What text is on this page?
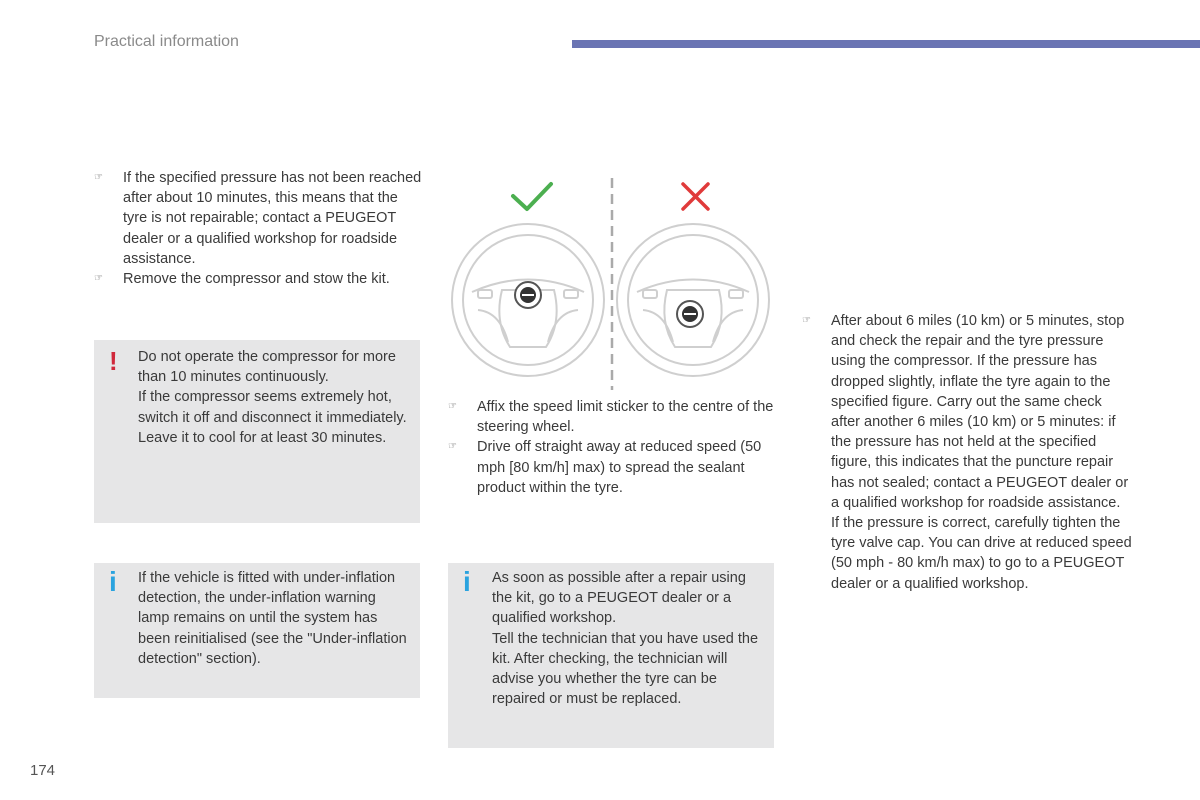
Practical information
☞ If the specified pressure has not been reached after about 10 minutes, this means that the tyre is not repairable; contact a PEUGEOT dealer or a qualified workshop for roadside assistance.
☞ Remove the compressor and stow the kit.
! Do not operate the compressor for more than 10 minutes continuously.
If the compressor seems extremely hot, switch it off and disconnect it immediately. Leave it to cool for at least 30 minutes.
i If the vehicle is fitted with under-inflation detection, the under-inflation warning lamp remains on until the system has been reinitialised (see the "Under-inflation detection" section).
☞ Affix the speed limit sticker to the centre of the steering wheel.
☞ Drive off straight away at reduced speed (50 mph [80 km/h] max) to spread the sealant product within the tyre.
i As soon as possible after a repair using the kit, go to a PEUGEOT dealer or a qualified workshop.
Tell the technician that you have used the kit. After checking, the technician will advise you whether the tyre can be repaired or must be replaced.
☞ After about 6 miles (10 km) or 5 minutes, stop and check the repair and the tyre pressure using the compressor. If the pressure has dropped slightly, inflate the tyre again to the specified figure. Carry out the same check after another 6 miles (10 km) or 5 minutes: if the pressure has not held at the specified figure, this indicates that the puncture repair has not sealed; contact a PEUGEOT dealer or a qualified workshop for roadside assistance.
If the pressure is correct, carefully tighten the tyre valve cap. You can drive at reduced speed (50 mph - 80 km/h max) to go to a PEUGEOT dealer or a qualified workshop.
174
